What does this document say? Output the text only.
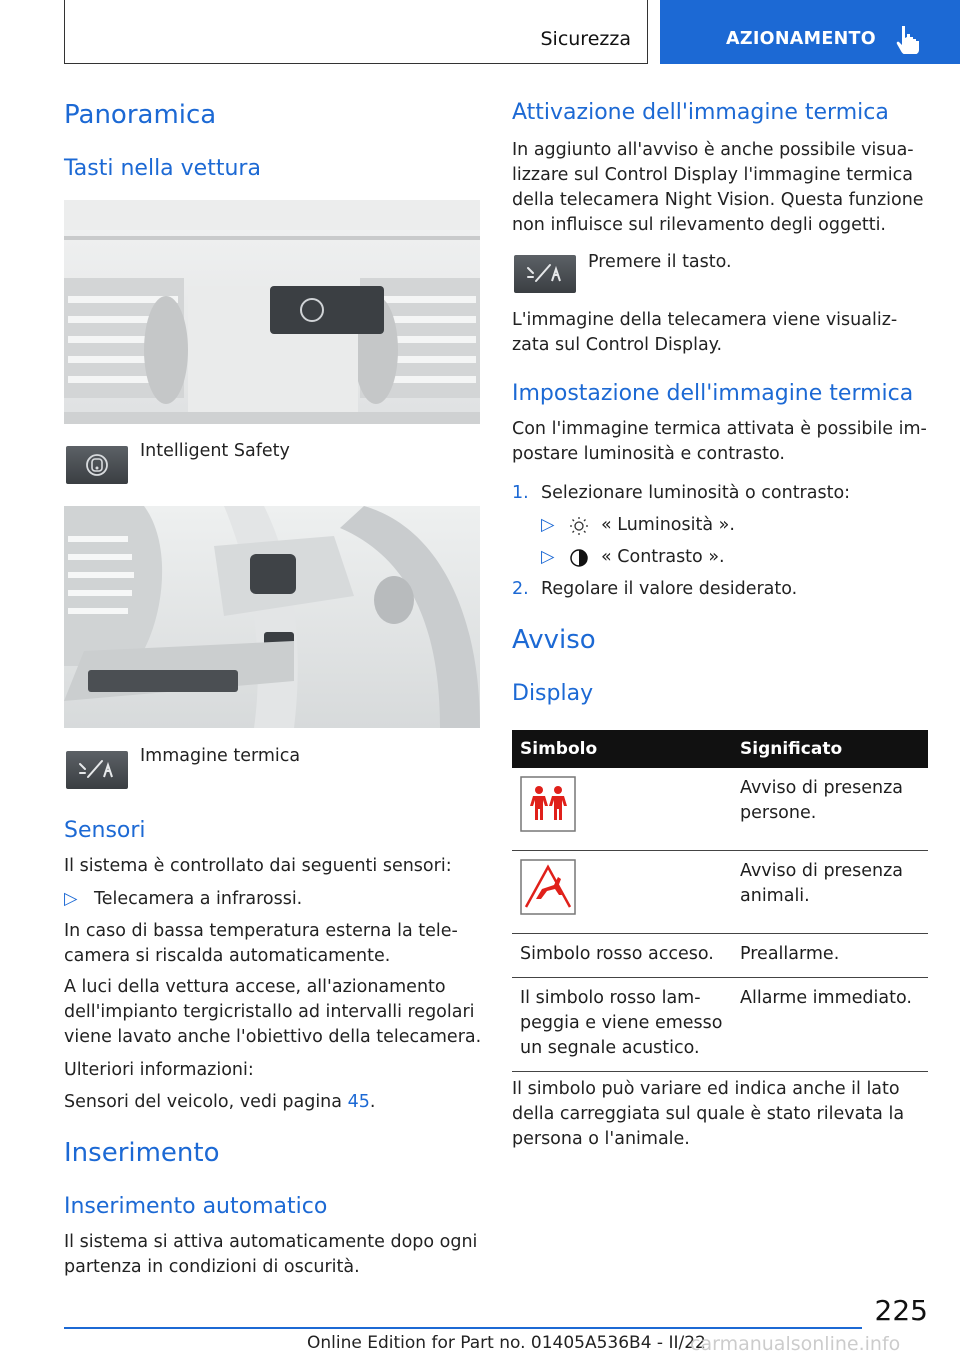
Sicurezza	AZIONAMENTO
Panoramica
Tasti nella vettura

Intelligent Safety

Immagine termica

Sensori

Il sistema è controllato dai seguenti sensori:

▷ Telecamera a infrarossi.

In caso di bassa temperatura esterna la tele‐

camera si riscalda automaticamente.

A luci della vettura accese, all'azionamento

dell'impianto tergicristallo ad intervalli regolari

viene lavato anche l'obiettivo della telecamera.

Ulteriori informazioni:

Sensori del veicolo, vedi pagina 45.

Inserimento
Inserimento automatico

Il sistema si attiva automaticamente dopo ogni

partenza in condizioni di oscurità.

Attivazione dell'immagine termica

In aggiunto all'avviso è anche possibile visua‐

lizzare sul Control Display l'immagine termica

della telecamera Night Vision. Questa funzione

non influisce sul rilevamento degli oggetti.

Premere il tasto.

L'immagine della telecamera viene visualiz‐

zata sul Control Display.

Impostazione dell'immagine termica

Con l'immagine termica attivata è possibile im‐

postare luminosità e contrasto.

1. Selezionare luminosità o contrasto:

▷	« Luminosità ».

▷	« Contrasto ».

2. Regolare il valore desiderato.

Avviso
Display
Simbolo	Significato

Avviso di presenza
persone.

Avviso di presenza
animali.

Simbolo rosso acceso.	Preallarme.

Il simbolo rosso lam‐
peggia e viene emesso
un segnale acustico.	Allarme immediato.

Il simbolo può variare ed indica anche il lato

della carreggiata sul quale è stato rilevata la

persona o l'animale.

225
Online Edition for Part no. 01405A536B4 - II/22
carmanualsonline.info
